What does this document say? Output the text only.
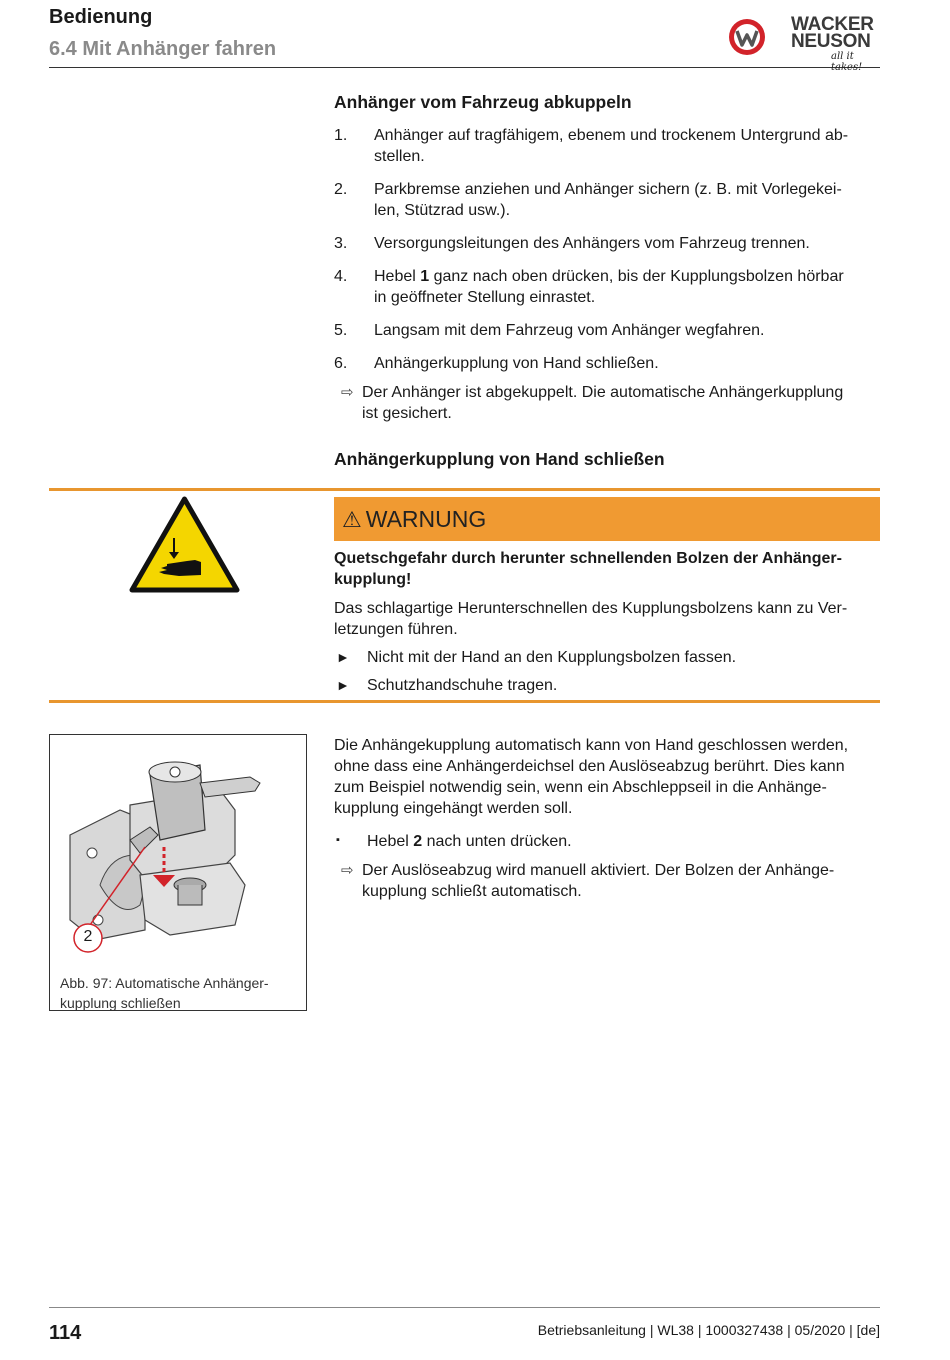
Bedienung
6.4 Mit Anhänger fahren
WACKER
NEUSON
all it takes!
Anhänger vom Fahrzeug abkuppeln
1.	Anhänger auf tragfähigem, ebenem und trockenem Untergrund ab-
stellen.
2.	Parkbremse anziehen und Anhänger sichern (z. B. mit Vorlegekei-
len, Stützrad usw.).
3.	Versorgungsleitungen des Anhängers vom Fahrzeug trennen.
4.	Hebel 1 ganz nach oben drücken, bis der Kupplungsbolzen hörbar
in geöffneter Stellung einrastet.
5.	Langsam mit dem Fahrzeug vom Anhänger wegfahren.
6.	Anhängerkupplung von Hand schließen.
⇨ Der Anhänger ist abgekuppelt. Die automatische Anhängerkupplung
ist gesichert.
Anhängerkupplung von Hand schließen
⚠ WARNUNG
Quetschgefahr durch herunter schnellenden Bolzen der Anhänger-
kupplung!
Das schlagartige Herunterschnellen des Kupplungsbolzens kann zu Ver-
letzungen führen.
► Nicht mit der Hand an den Kupplungsbolzen fassen.
► Schutzhandschuhe tragen.
2
Abb. 97: Automatische Anhänger-
kupplung schließen
Die Anhängekupplung automatisch kann von Hand geschlossen werden,
ohne dass eine Anhängerdeichsel den Auslöseabzug berührt. Dies kann
zum Beispiel notwendig sein, wenn ein Abschleppseil in die Anhänge-
kupplung eingehängt werden soll.
▪ Hebel 2 nach unten drücken.
⇨ Der Auslöseabzug wird manuell aktiviert. Der Bolzen der Anhänge-
kupplung schließt automatisch.
114	Betriebsanleitung | WL38 | 1000327438 | 05/2020 | [de]
